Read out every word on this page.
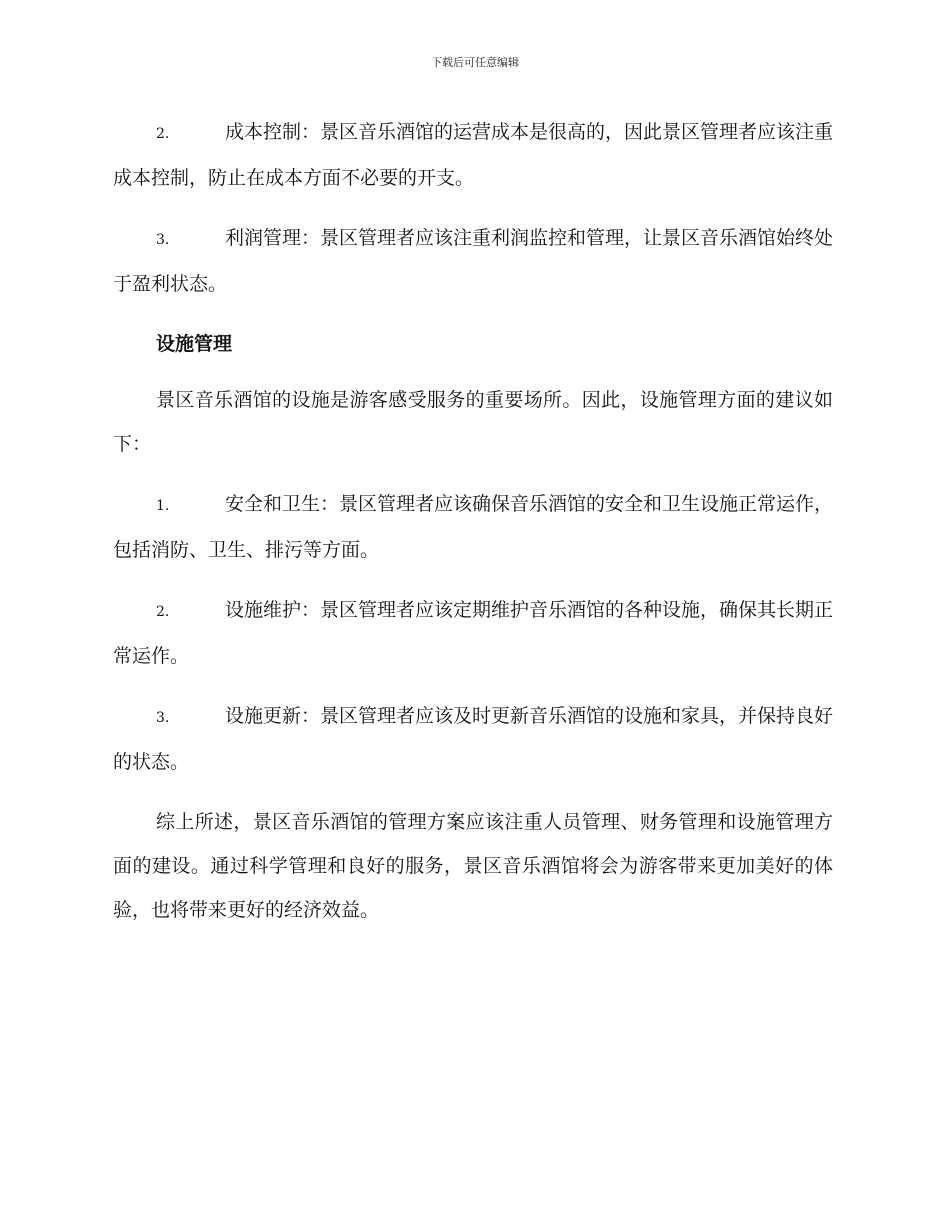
下载后可任意编辑

2.	成本控制：景区音乐酒馆的运营成本是很高的，因此景区管理者应该注重成本控制，防止在成本方面不必要的开支。

3.	利润管理：景区管理者应该注重利润监控和管理，让景区音乐酒馆始终处于盈利状态。

设施管理

景区音乐酒馆的设施是游客感受服务的重要场所。因此，设施管理方面的建议如下：

1.	安全和卫生：景区管理者应该确保音乐酒馆的安全和卫生设施正常运作，包括消防、卫生、排污等方面。

2.	设施维护：景区管理者应该定期维护音乐酒馆的各种设施，确保其长期正常运作。

3.	设施更新：景区管理者应该及时更新音乐酒馆的设施和家具，并保持良好的状态。

综上所述，景区音乐酒馆的管理方案应该注重人员管理、财务管理和设施管理方面的建设。通过科学管理和良好的服务，景区音乐酒馆将会为游客带来更加美好的体验，也将带来更好的经济效益。
